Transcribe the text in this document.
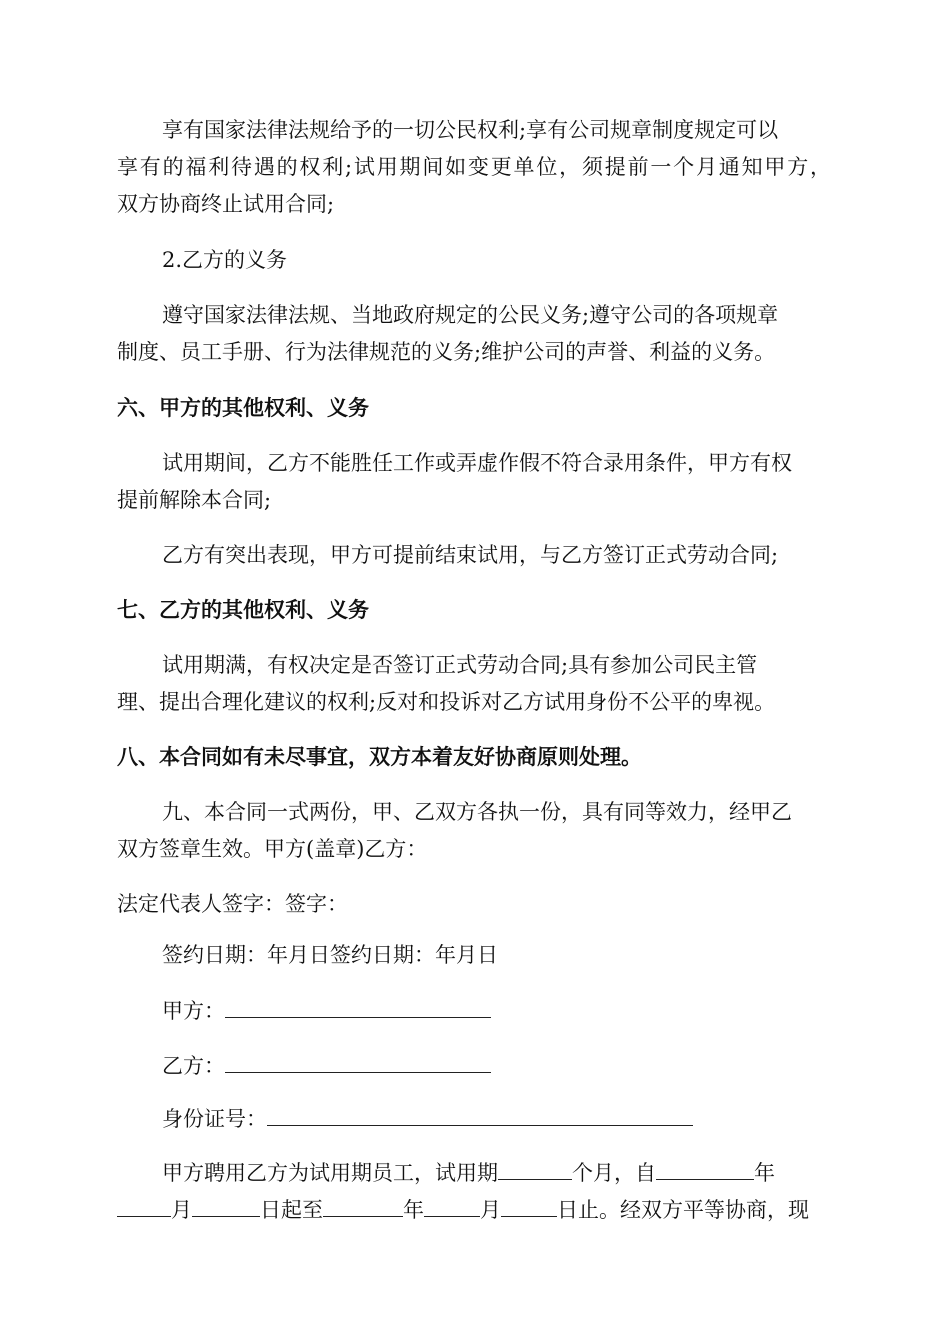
享有国家法律法规给予的一切公民权利;享有公司规章制度规定可以
享有的福利待遇的权利;试用期间如变更单位，须提前一个月通知甲方，
双方协商终止试用合同;
2.乙方的义务
遵守国家法律法规、当地政府规定的公民义务;遵守公司的各项规章
制度、员工手册、行为法律规范的义务;维护公司的声誉、利益的义务。
六、甲方的其他权利、义务
试用期间，乙方不能胜任工作或弄虚作假不符合录用条件，甲方有权
提前解除本合同;
乙方有突出表现，甲方可提前结束试用，与乙方签订正式劳动合同;
七、乙方的其他权利、义务
试用期满，有权决定是否签订正式劳动合同;具有参加公司民主管
理、提出合理化建议的权利;反对和投诉对乙方试用身份不公平的卑视。
八、本合同如有未尽事宜，双方本着友好协商原则处理。
九、本合同一式两份，甲、乙双方各执一份，具有同等效力，经甲乙
双方签章生效。甲方(盖章)乙方：
法定代表人签字：签字：
签约日期：年月日签约日期：年月日
甲方：
乙方：
身份证号：
甲方聘用乙方为试用期员工，试用期	个月，自	年
月	日起至	年	月	日止。经双方平等协商，现
